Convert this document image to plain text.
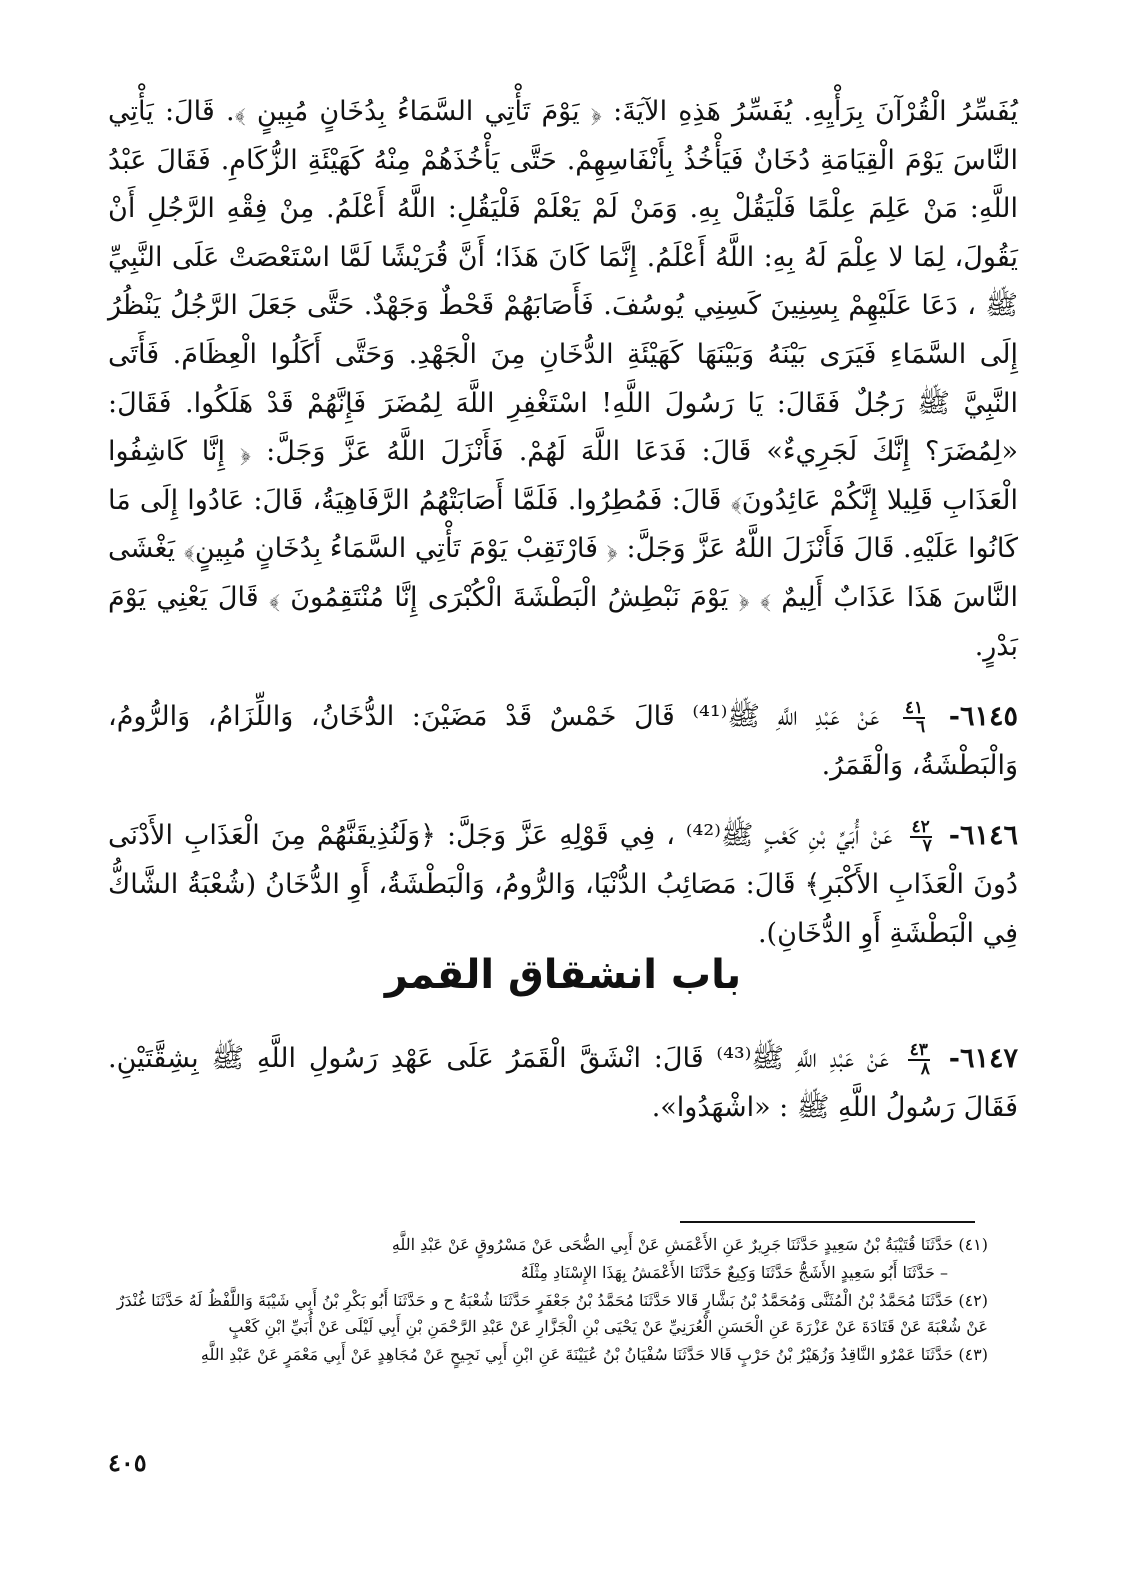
يُفَسِّرُ الْقُرْآنَ بِرَأْيِهِ. يُفَسِّرُ هَذِهِ الآيَةَ: ﴿ يَوْمَ تَأْتِي السَّمَاءُ بِدُخَانٍ مُبِينٍ ﴾. قَالَ: يَأْتِي النَّاسَ يَوْمَ الْقِيَامَةِ دُخَانٌ فَيَأْخُذُ بِأَنْفَاسِهِمْ. حَتَّى يَأْخُذَهُمْ مِنْهُ كَهَيْئَةِ الزُّكَامِ. فَقَالَ عَبْدُ اللَّهِ: مَنْ عَلِمَ عِلْمًا فَلْيَقُلْ بِهِ. وَمَنْ لَمْ يَعْلَمْ فَلْيَقُلِ: اللَّهُ أَعْلَمُ. مِنْ فِقْهِ الرَّجُلِ أَنْ يَقُولَ، لِمَا لا عِلْمَ لَهُ بِهِ: اللَّهُ أَعْلَمُ. إِنَّمَا كَانَ هَذَا؛ أَنَّ قُرَيْشًا لَمَّا اسْتَعْصَتْ عَلَى النَّبِيِّ ﷺ ، دَعَا عَلَيْهِمْ بِسِنِينَ كَسِنِي يُوسُفَ. فَأَصَابَهُمْ قَحْطٌ وَجَهْدٌ. حَتَّى جَعَلَ الرَّجُلُ يَنْظُرُ إِلَى السَّمَاءِ فَيَرَى بَيْنَهُ وَبَيْنَهَا كَهَيْئَةِ الدُّخَانِ مِنَ الْجَهْدِ. وَحَتَّى أَكَلُوا الْعِظَامَ. فَأَتَى النَّبِيَّ ﷺ رَجُلٌ فَقَالَ: يَا رَسُولَ اللَّهِ! اسْتَغْفِرِ اللَّهَ لِمُضَرَ فَإِنَّهُمْ قَدْ هَلَكُوا. فَقَالَ: «لِمُضَرَ؟ إِنَّكَ لَجَرِيءٌ» قَالَ: فَدَعَا اللَّهَ لَهُمْ. فَأَنْزَلَ اللَّهُ عَزَّ وَجَلَّ: ﴿ إِنَّا كَاشِفُوا الْعَذَابِ قَلِيلا إِنَّكُمْ عَائِدُونَ﴾ قَالَ: فَمُطِرُوا. فَلَمَّا أَصَابَتْهُمُ الرَّفَاهِيَةُ، قَالَ: عَادُوا إِلَى مَا كَانُوا عَلَيْهِ. قَالَ فَأَنْزَلَ اللَّهُ عَزَّ وَجَلَّ: ﴿ فَارْتَقِبْ يَوْمَ تَأْتِي السَّمَاءُ بِدُخَانٍ مُبِينٍ﴾ يَغْشَى النَّاسَ هَذَا عَذَابٌ أَلِيمٌ ﴾ ﴿ يَوْمَ نَبْطِشُ الْبَطْشَةَ الْكُبْرَى إِنَّا مُنْتَقِمُونَ ﴾ قَالَ يَعْنِي يَوْمَ بَدْرٍ.

٦١٤٥-
$\frac{٤١}{٦}$
عَنْ عَبْدِ اللَّهِ ﷺ⁽⁴¹⁾ قَالَ خَمْسٌ قَدْ مَضَيْنَ: الدُّخَانُ، وَاللِّزَامُ، وَالرُّومُ، وَالْبَطْشَةُ، وَالْقَمَرُ.

٦١٤٦-
$\frac{٤٢}{٧}$
عَنْ أُبَيِّ بْنِ كَعْبٍ ﷺ⁽⁴²⁾ ، فِي قَوْلِهِ عَزَّ وَجَلَّ: ﴿وَلَنُذِيقَنَّهُمْ مِنَ الْعَذَابِ الأَدْنَى دُونَ الْعَذَابِ الأَكْبَرِ﴾ قَالَ: مَصَائِبُ الدُّنْيَا، وَالرُّومُ، وَالْبَطْشَةُ، أَوِ الدُّخَانُ (شُعْبَةُ الشَّاكُّ فِي الْبَطْشَةِ أَوِ الدُّخَانِ).

باب انشقاق القمر

٦١٤٧-
$\frac{٤٣}{٨}$
عَنْ عَبْدِ اللَّهِ ﷺ⁽⁴³⁾ قَالَ: انْشَقَّ الْقَمَرُ عَلَى عَهْدِ رَسُولِ اللَّهِ ﷺ بِشِقَّتَيْنِ. فَقَالَ رَسُولُ اللَّهِ ﷺ : «اشْهَدُوا».

(٤١) حَدَّثَنَا قُتَيْبَةُ بْنُ سَعِيدٍ حَدَّثَنَا جَرِيرٌ عَنِ الأَعْمَشِ عَنْ أَبِي الضُّحَى عَنْ مَسْرُوقٍ عَنْ عَبْدِ اللَّهِ

– حَدَّثَنَا أَبُو سَعِيدٍ الأَشَجُّ حَدَّثَنَا وَكِيعٌ حَدَّثَنَا الأَعْمَشُ بِهَذَا الإِسْنَادِ مِثْلَهُ

(٤٢) حَدَّثَنَا مُحَمَّدُ بْنُ الْمُثَنَّى وَمُحَمَّدُ بْنُ بَشَّارٍ قَالا حَدَّثَنَا مُحَمَّدُ بْنُ جَعْفَرٍ حَدَّثَنَا شُعْبَةُ ح و حَدَّثَنَا أَبُو بَكْرِ بْنُ أَبِي شَيْبَةَ وَاللَّفْظُ لَهُ حَدَّثَنَا غُنْدَرٌ عَنْ شُعْبَةَ عَنْ قَتَادَةَ عَنْ عَزْرَةَ عَنِ الْحَسَنِ الْعُرَنِيِّ عَنْ يَحْيَى بْنِ الْجَزَّارِ عَنْ عَبْدِ الرَّحْمَنِ بْنِ أَبِي لَيْلَى عَنْ أُبَيِّ ابْنِ كَعْبٍ

(٤٣) حَدَّثَنَا عَمْرٌو النَّاقِدُ وَزُهَيْرُ بْنُ حَرْبٍ قَالا حَدَّثَنَا سُفْيَانُ بْنُ عُيَيْنَةَ عَنِ ابْنِ أَبِي نَجِيحٍ عَنْ مُجَاهِدٍ عَنْ أَبِي مَعْمَرٍ عَنْ عَبْدِ اللَّهِ

٤٠٥
